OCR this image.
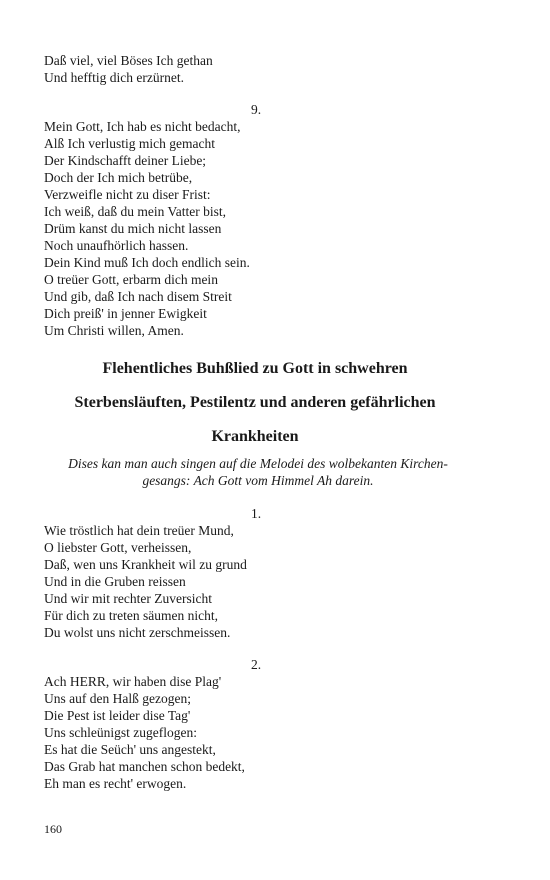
Daß viel, viel Böses Ich gethan
Und hefftig dich erzürnet.
9.
Mein Gott, Ich hab es nicht bedacht,
Alß Ich verlustig mich gemacht
Der Kindschafft deiner Liebe;
Doch der Ich mich betrübe,
Verzweifle nicht zu diser Frist:
Ich weiß, daß du mein Vatter bist,
Drüm kanst du mich nicht lassen
Noch unaufhörlich hassen.
Dein Kind muß Ich doch endlich sein.
O treüer Gott, erbarm dich mein
Und gib, daß Ich nach disem Streit
Dich preiß' in jenner Ewigkeit
Um Christi willen, Amen.
Flehentliches Buhßlied zu Gott in schwehren
Sterbensläuften, Pestilentz und anderen gefährlichen
Krankheiten
Dises kan man auch singen auf die Melodei des wolbekanten Kirchen-
gesangs: Ach Gott vom Himmel Ah darein.
1.
Wie tröstlich hat dein treüer Mund,
O liebster Gott, verheissen,
Daß, wen uns Krankheit wil zu grund
Und in die Gruben reissen
Und wir mit rechter Zuversicht
Für dich zu treten säumen nicht,
Du wolst uns nicht zerschmeissen.
2.
Ach HERR, wir haben dise Plag'
Uns auf den Halß gezogen;
Die Pest ist leider dise Tag'
Uns schleünigst zugeflogen:
Es hat die Seüch' uns angestekt,
Das Grab hat manchen schon bedekt,
Eh man es recht' erwogen.
160
